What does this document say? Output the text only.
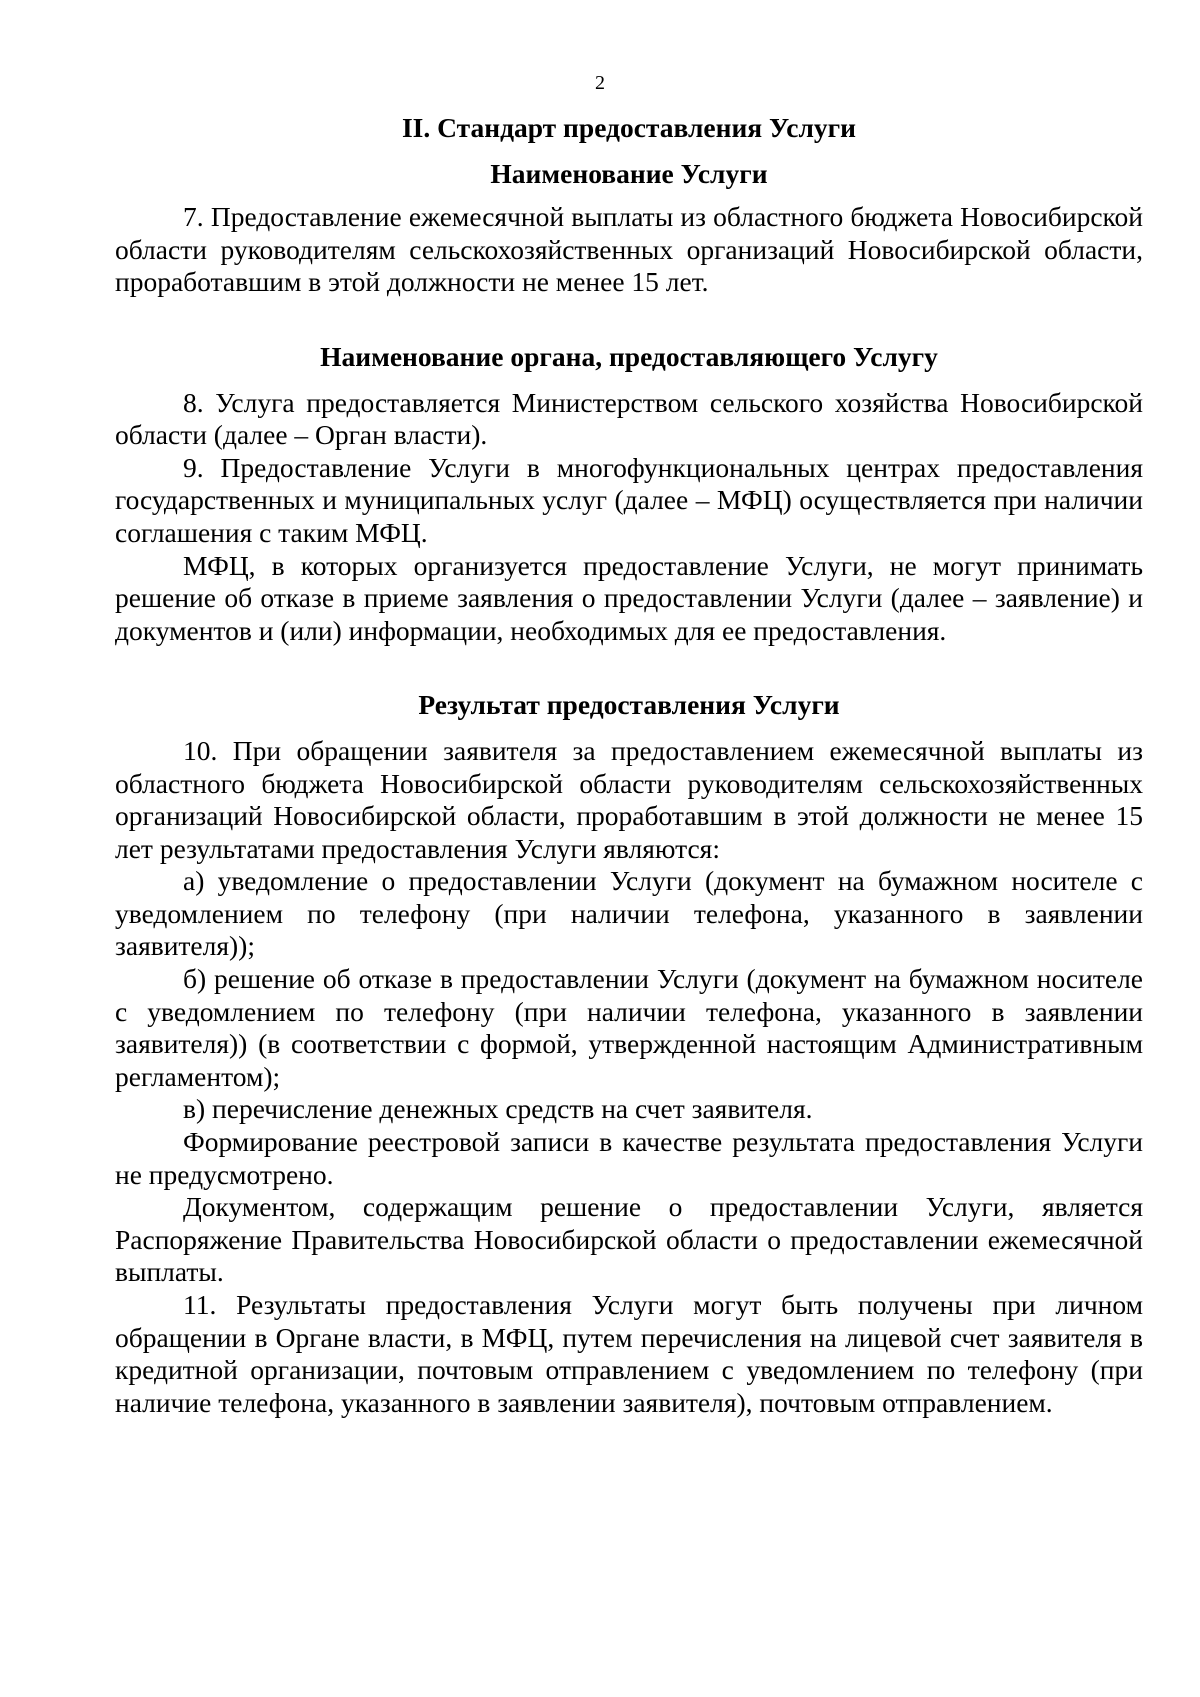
2
II. Стандарт предоставления Услуги
Наименование Услуги

7. Предоставление ежемесячной выплаты из областного бюджета Новосибирской области руководителям сельскохозяйственных организаций Новосибирской области, проработавшим в этой должности не менее 15 лет.

Наименование органа, предоставляющего Услугу

8. Услуга предоставляется Министерством сельского хозяйства Новосибирской области (далее – Орган власти).

9. Предоставление Услуги в многофункциональных центрах предоставления государственных и муниципальных услуг (далее – МФЦ) осуществляется при наличии соглашения с таким МФЦ.

МФЦ, в которых организуется предоставление Услуги, не могут принимать решение об отказе в приеме заявления о предоставлении Услуги (далее – заявление) и документов и (или) информации, необходимых для ее предоставления.

Результат предоставления Услуги

10. При обращении заявителя за предоставлением ежемесячной выплаты из областного бюджета Новосибирской области руководителям сельскохозяйственных организаций Новосибирской области, проработавшим в этой должности не менее 15 лет результатами предоставления Услуги являются:

а) уведомление о предоставлении Услуги (документ на бумажном носителе с уведомлением по телефону (при наличии телефона, указанного в заявлении заявителя));

б) решение об отказе в предоставлении Услуги (документ на бумажном носителе с уведомлением по телефону (при наличии телефона, указанного в заявлении заявителя)) (в соответствии с формой, утвержденной настоящим Административным регламентом);

в) перечисление денежных средств на счет заявителя.

Формирование реестровой записи в качестве результата предоставления Услуги не предусмотрено.

Документом, содержащим решение о предоставлении Услуги, является Распоряжение Правительства Новосибирской области о предоставлении ежемесячной выплаты.

11. Результаты предоставления Услуги могут быть получены при личном обращении в Органе власти, в МФЦ, путем перечисления на лицевой счет заявителя в кредитной организации, почтовым отправлением с уведомлением по телефону (при наличие телефона, указанного в заявлении заявителя), почтовым отправлением.
